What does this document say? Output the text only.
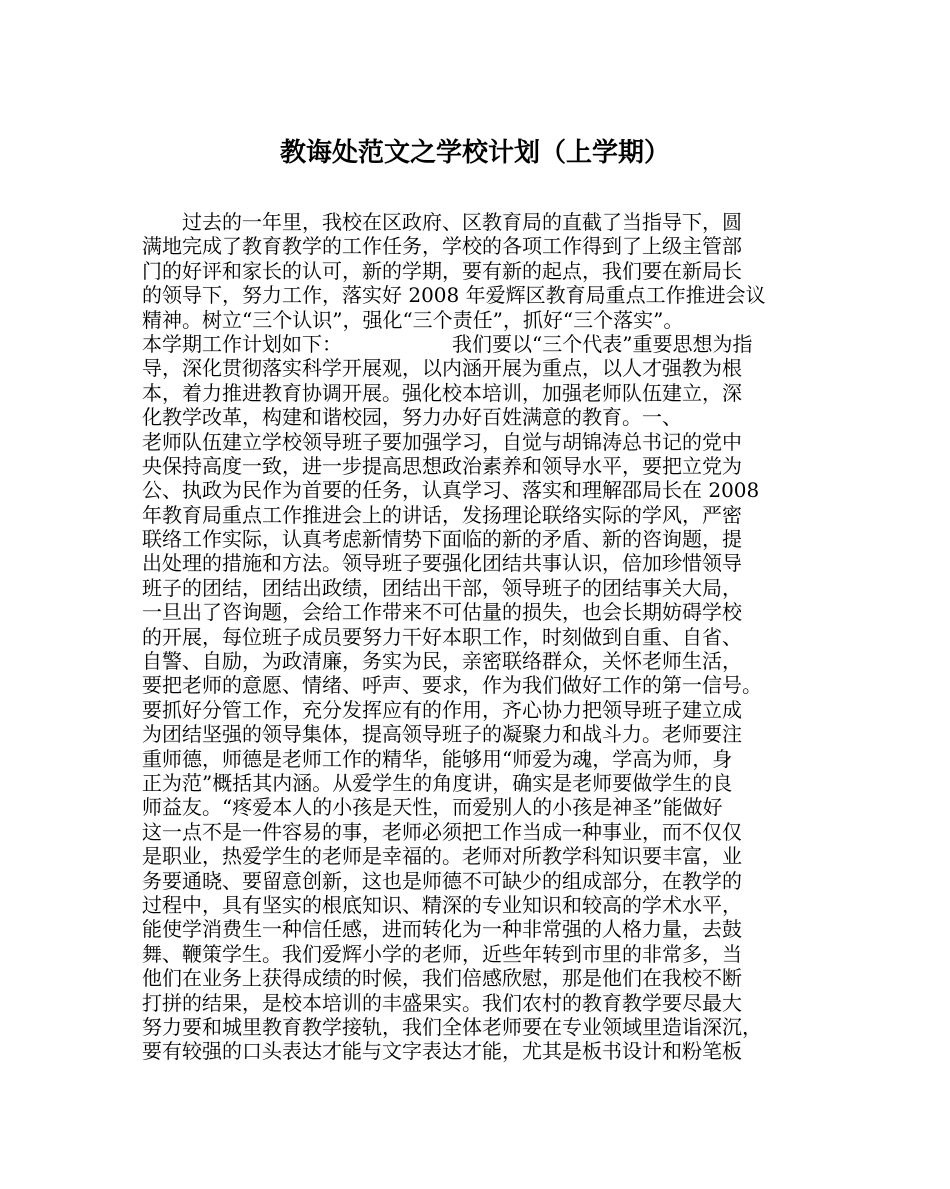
教诲处范文之学校计划（上学期）
　　过去的一年里，我校在区政府、区教育局的直截了当指导下，圆
满地完成了教育教学的工作任务，学校的各项工作得到了上级主管部
门的好评和家长的认可，新的学期，要有新的起点，我们要在新局长
的领导下，努力工作，落实好 2008 年爱辉区教育局重点工作推进会议
精神。树立“三个认识”，强化“三个责任”，抓好“三个落实”。
本学期工作计划如下：　　　　　　我们要以“三个代表”重要思想为指
导，深化贯彻落实科学开展观，以内涵开展为重点，以人才强教为根
本，着力推进教育协调开展。强化校本培训，加强老师队伍建立，深
化教学改革，构建和谐校园，努力办好百姓满意的教育。一、
老师队伍建立学校领导班子要加强学习，自觉与胡锦涛总书记的党中
央保持高度一致，进一步提高思想政治素养和领导水平，要把立党为
公、执政为民作为首要的任务，认真学习、落实和理解邵局长在 2008
年教育局重点工作推进会上的讲话，发扬理论联络实际的学风，严密
联络工作实际，认真考虑新情势下面临的新的矛盾、新的咨询题，提
出处理的措施和方法。领导班子要强化团结共事认识，倍加珍惜领导
班子的团结，团结出政绩，团结出干部，领导班子的团结事关大局，
一旦出了咨询题，会给工作带来不可估量的损失，也会长期妨碍学校
的开展，每位班子成员要努力干好本职工作，时刻做到自重、自省、
自警、自励，为政清廉，务实为民，亲密联络群众，关怀老师生活，
要把老师的意愿、情绪、呼声、要求，作为我们做好工作的第一信号。
要抓好分管工作，充分发挥应有的作用，齐心协力把领导班子建立成
为团结坚强的领导集体，提高领导班子的凝聚力和战斗力。老师要注
重师德，师德是老师工作的精华，能够用“师爱为魂，学高为师，身
正为范”概括其内涵。从爱学生的角度讲，确实是老师要做学生的良
师益友。“疼爱本人的小孩是天性，而爱别人的小孩是神圣”能做好
这一点不是一件容易的事，老师必须把工作当成一种事业，而不仅仅
是职业，热爱学生的老师是幸福的。老师对所教学科知识要丰富，业
务要通晓、要留意创新，这也是师德不可缺少的组成部分，在教学的
过程中，具有坚实的根底知识、精深的专业知识和较高的学术水平，
能使学消费生一种信任感，进而转化为一种非常强的人格力量，去鼓
舞、鞭策学生。我们爱辉小学的老师，近些年转到市里的非常多，当
他们在业务上获得成绩的时候，我们倍感欣慰，那是他们在我校不断
打拼的结果，是校本培训的丰盛果实。我们农村的教育教学要尽最大
努力要和城里教育教学接轨，我们全体老师要在专业领域里造诣深沉，
要有较强的口头表达才能与文字表达才能，尤其是板书设计和粉笔板
